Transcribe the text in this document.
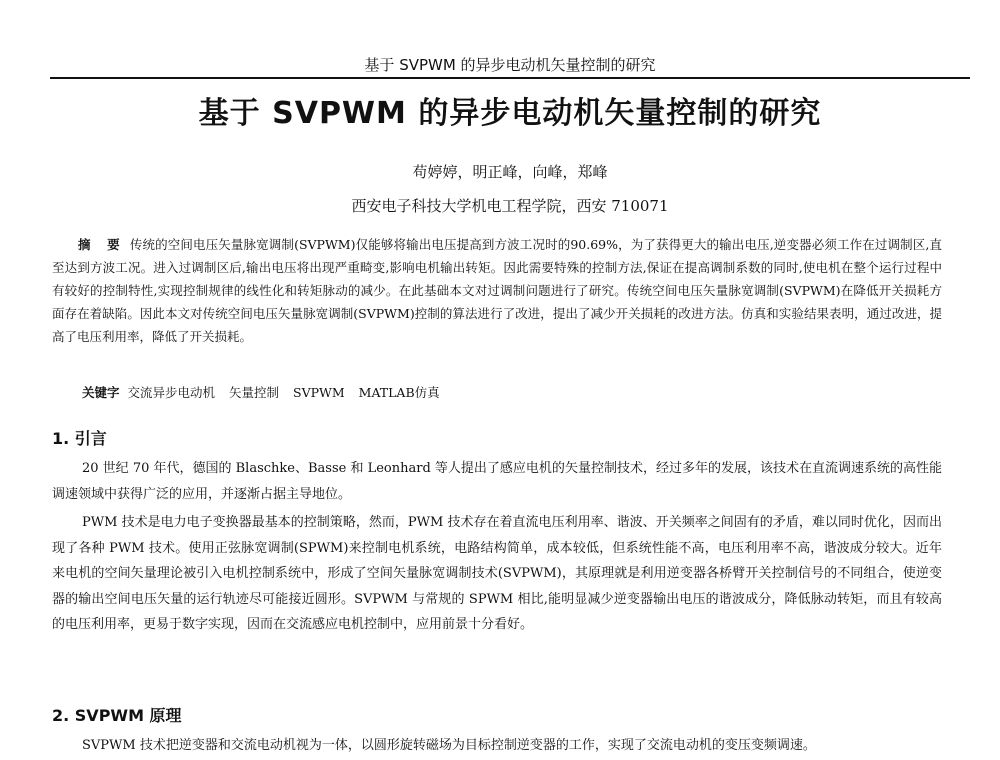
基于 SVPWM 的异步电动机矢量控制的研究
基于 SVPWM 的异步电动机矢量控制的研究
苟婷婷，明正峰，向峰，郑峰
西安电子科技大学机电工程学院，西安 710071

摘 要 传统的空间电压矢量脉宽调制(SVPWM)仅能够将输出电压提高到方波工况时的90.69%，为了获得更大的输出电压,逆变器必须工作在过调制区,直至达到方波工况。进入过调制区后,输出电压将出现严重畸变,影响电机输出转矩。因此需要特殊的控制方法,保证在提高调制系数的同时,使电机在整个运行过程中有较好的控制特性,实现控制规律的线性化和转矩脉动的减少。在此基础本文对过调制问题进行了研究。传统空间电压矢量脉宽调制(SVPWM)在降低开关损耗方面存在着缺陷。因此本文对传统空间电压矢量脉宽调制(SVPWM)控制的算法进行了改进，提出了减少开关损耗的改进方法。仿真和实验结果表明，通过改进，提高了电压利用率，降低了开关损耗。

关键字 交流异步电动机 矢量控制 SVPWM MATLAB仿真

1. 引言

20 世纪 70 年代，德国的 Blaschke、Basse 和 Leonhard 等人提出了感应电机的矢量控制技术，经过多年的发展，该技术在直流调速系统的高性能调速领域中获得广泛的应用，并逐渐占据主导地位。

PWM 技术是电力电子变换器最基本的控制策略，然而，PWM 技术存在着直流电压利用率、谐波、开关频率之间固有的矛盾，难以同时优化，因而出现了各种 PWM 技术。使用正弦脉宽调制(SPWM)来控制电机系统，电路结构简单，成本较低，但系统性能不高，电压利用率不高，谐波成分较大。近年来电机的空间矢量理论被引入电机控制系统中，形成了空间矢量脉宽调制技术(SVPWM)，其原理就是利用逆变器各桥臂开关控制信号的不同组合，使逆变器的输出空间电压矢量的运行轨迹尽可能接近圆形。SVPWM 与常规的 SPWM 相比,能明显减少逆变器输出电压的谐波成分，降低脉动转矩，而且有较高的电压利用率，更易于数字实现，因而在交流感应电机控制中，应用前景十分看好。

2. SVPWM 原理

SVPWM 技术把逆变器和交流电动机视为一体，以圆形旋转磁场为目标控制逆变器的工作，实现了交流电动机的变压变频调速。
